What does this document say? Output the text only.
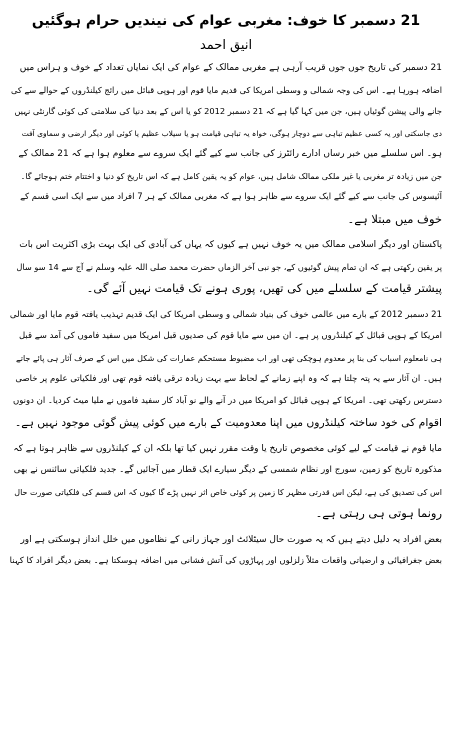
21 دسمبر کا خوف: مغربی عوام کی نیندیں حرام ہوگئیں
انیق احمد
21 دسمبر کی تاریخ جوں جوں قریب آرہی ہے مغربی ممالک کے عوام کی ایک نمایاں تعداد کے خوف و ہراس میں
اضافہ ہورہا ہے۔ اس کی وجہ شمالی و وسطی امریکا کی قدیم مایا قوم اور ہوپی قبائل میں رائج کیلنڈروں کے حوالے سے کی
جانے والی پیشن گوئیاں ہیں، جن میں کہا گیا ہے کہ 21 دسمبر 2012 کو یا اس کے بعد دنیا کی سلامتی کی کوئی گارنٹی نہیں
دی جاسکتی اور یہ کسی عظیم تباہی سے دوچار ہوگی، خواہ یہ تباہی قیامت ہو یا سیلاب عظیم یا کوئی اور دیگر ارضی و سماوی آفت
ہو۔ اس سلسلے میں خبر رساں ادارے رائٹرز کی جانب سے کیے گئے ایک سروے سے معلوم ہوا ہے کہ 21 ممالک کے
جن میں زیادہ تر مغربی یا غیر ملکی ممالک شامل ہیں، عوام کو یہ یقین کامل ہے کہ اس تاریخ کو دنیا و اختتام ختم ہوجائے گا۔
آئیسوس کی جانب سے کیے گئے ایک سروے سے ظاہر ہوا ہے کہ مغربی ممالک کے ہر 7 افراد میں سے ایک اسی قسم کے
خوف میں مبتلا ہے۔
پاکستان اور دیگر اسلامی ممالک میں یہ خوف نہیں ہے کیوں کہ یہاں کی آبادی کی ایک بہت بڑی اکثریت اس بات
پر یقین رکھتی ہے کہ ان تمام پیش گوئیوں کے، جو نبی آخر الزماں حضرت محمد صلی اللہ علیہ وسلم نے آج سے 14 سو سال
پیشتر قیامت کے سلسلے میں کی تھیں، پوری ہونے تک قیامت نہیں آئے گی۔
21 دسمبر 2012 کے بارے میں عالمی خوف کی بنیاد شمالی و وسطی امریکا کی ایک قدیم تہذیب یافتہ قوم مایا اور شمالی
امریکا کے ہوپی قبائل کے کیلنڈروں پر ہے۔ ان میں سے مایا قوم کی صدیوں قبل امریکا میں سفید فاموں کی آمد سے قبل
ہی نامعلوم اسباب کی بنا پر معدوم ہوچکی تھی اور اب مضبوط مستحکم عمارات کی شکل میں اس کے صرف آثار ہی پائے جاتے
ہیں۔ ان آثار سے یہ پتہ چلتا ہے کہ وہ اپنے زمانے کے لحاظ سے بہت زیادہ ترقی یافتہ قوم تھی اور فلکیاتی علوم پر خاصی
دسترس رکھتی تھی۔ امریکا کے ہوپی قبائل کو امریکا میں در آنے والے نو آباد کار سفید فاموں نے ملیا میٹ کردیا۔ ان دونوں
اقوام کی خود ساختہ کیلنڈروں میں اپنا معدومیت کے بارے میں کوئی پیش گوئی موجود نہیں ہے۔
مایا قوم نے قیامت کے لیے کوئی مخصوص تاریخ یا وقت مقرر نہیں کیا تھا بلکہ ان کے کیلنڈروں سے ظاہر ہوتا ہے کہ
مذکورہ تاریخ کو زمین، سورج اور نظام شمسی کے دیگر سیارے ایک قطار میں آجائیں گے۔ جدید فلکیاتی سائنس نے بھی
اس کی تصدیق کی ہے، لیکن اس قدرتی مظہر کا زمین پر کوئی خاص اثر نہیں پڑے گا کیوں کہ اس قسم کی فلکیاتی صورت حال
رونما ہوتی ہی رہتی ہے۔
بعض افراد یہ دلیل دیتے ہیں کہ یہ صورت حال سیٹلائٹ اور جہاز رانی کے نظاموں میں خلل انداز ہوسکتی ہے اور
بعض جغرافیائی و ارضیاتی واقعات مثلاً زلزلوں اور پہاڑوں کی آتش فشانی میں اضافہ ہوسکتا ہے۔ بعض دیگر افراد کا کہنا
